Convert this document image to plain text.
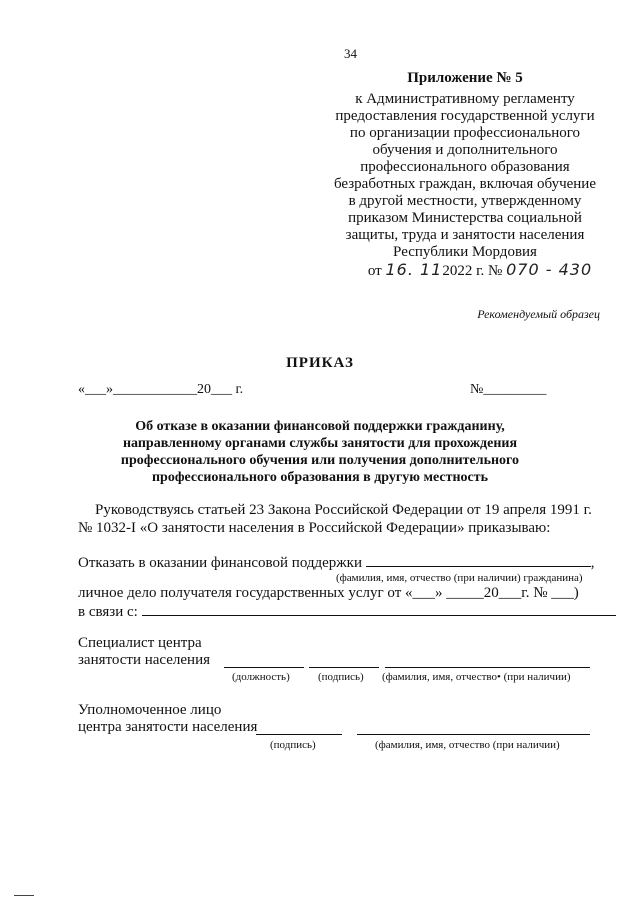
34
Приложение № 5
к Административному регламенту
предоставления государственной услуги
по организации профессионального
обучения и дополнительного
профессионального образования
безработных граждан, включая обучение
в другой местности, утвержденному
приказом Министерства социальной
защиты, труда и занятости населения
Республики Мордовия
от 16. 112022 г. № 070 - 430
Рекомендуемый образец
ПРИКАЗ
«___»____________20___ г.	№_________
Об отказе в оказании финансовой поддержки гражданину,
направленному органами службы занятости для прохождения
профессионального обучения или получения дополнительного
профессионального образования в другую местность
Руководствуясь статьей 23 Закона Российской Федерации от 19 апреля 1991 г.
№ 1032-I «О занятости населения в Российской Федерации» приказываю:
Отказать в оказании финансовой поддержки	,
(фамилия, имя, отчество (при наличии) гражданина)
личное дело получателя государственных услуг от «___» _____20___г. № ___)
в связи с:
Специалист центра
занятости населения
(должность)	(подпись) (фамилия, имя, отчество• (при наличии)
Уполномоченное лицо
центра занятости населения
(подпись)	(фамилия, имя, отчество (при наличии)
